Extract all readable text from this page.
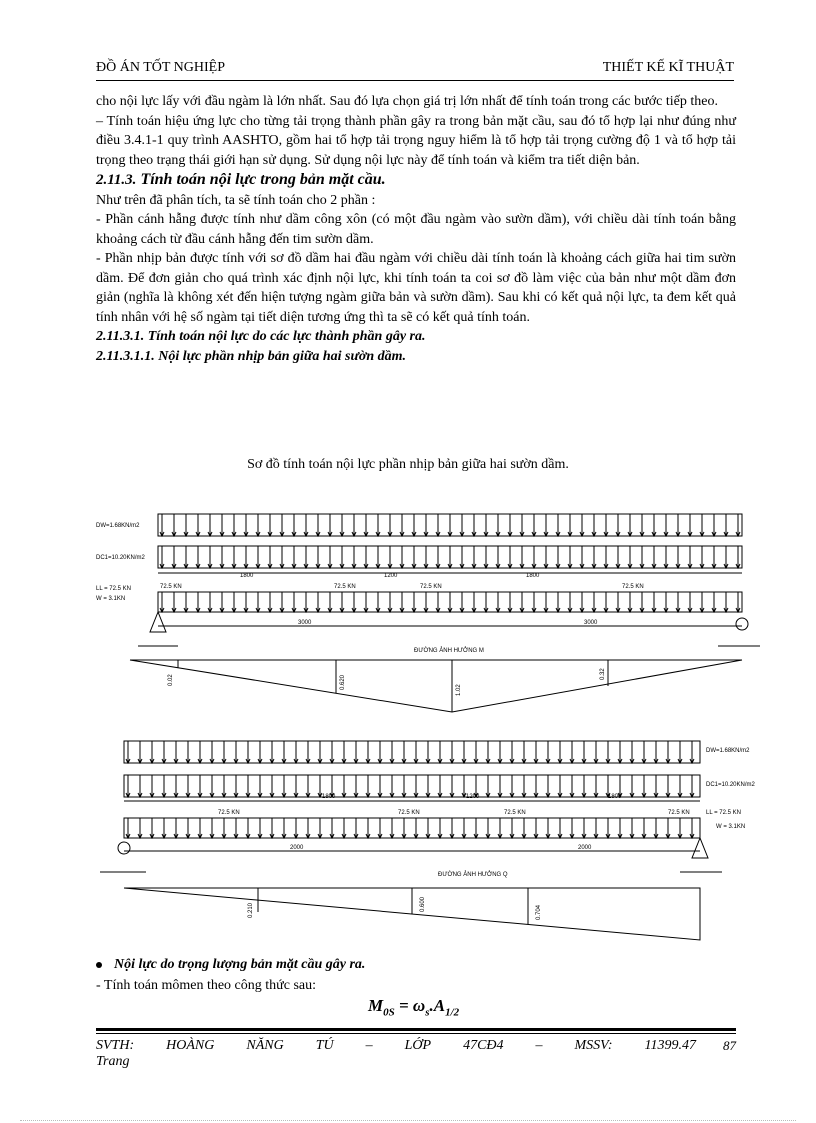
ĐỒ ÁN TỐT NGHIỆP	THIẾT KẾ KĨ THUẬT

cho nội lực lấy với đầu ngàm là lớn nhất. Sau đó lựa chọn giá trị lớn nhất để tính toán trong các bước tiếp theo.

– Tính toán hiệu ứng lực cho từng tải trọng thành phần gây ra trong bản mặt cầu, sau đó tổ hợp lại như đúng như điều 3.4.1-1 quy trình AASHTO, gồm hai tổ hợp tải trọng nguy hiểm là tổ hợp tải trọng cường độ 1 và tổ hợp tải trọng theo trạng thái giới hạn sử dụng. Sử dụng nội lực này để tính toán và kiểm tra tiết diện bản.

2.11.3. Tính toán nội lực trong bản mặt cầu.

Như trên đã phân tích, ta sẽ tính toán cho 2 phần :

- Phần cánh hẫng được tính như dầm công xôn (có một đầu ngàm vào sườn dầm), với chiều dài tính toán bằng khoảng cách từ đầu cánh hẫng đến tim sườn dầm.

- Phần nhịp bản được tính với sơ đồ dầm hai đầu ngàm với chiều dài tính toán là khoảng cách giữa hai tim sườn dầm. Để đơn giản cho quá trình xác định nội lực, khi tính toán ta coi sơ đồ làm việc của bản như một dầm đơn giản (nghĩa là không xét đến hiện tượng ngàm giữa bản và sườn dầm). Sau khi có kết quả nội lực, ta đem kết quả tính nhân với hệ số ngàm tại tiết diện tương ứng thì ta sẽ có kết quả tính toán.

2.11.3.1. Tính toán nội lực do các lực thành phần gây ra.
2.11.3.1.1. Nội lực phần nhịp bản giữa hai sườn dầm.
Sơ đồ tính toán nội lực phần nhịp bản giữa hai sườn dầm.
DW=1.68KN/m2
DC1=10.20KN/m2
LL = 72.5 KN
W = 3.1KN
72.5 KN	72.5 KN	72.5 KN	72.5 KN
1800	1200	1800
3000	3000
ĐƯỜNG ẢNH HƯỞNG M
0.02	0.620
1.02
0.32
DW=1.68KN/m2
DC1=10.20KN/m2
LL = 72.5 KN
W = 3.1KN
72.5 KN	72.5 KN	72.5 KN	72.5 KN
1800	1200	1800
2000	2000
ĐƯỜNG ẢNH HƯỞNG Q
0.210	0.600
0.704
Nội lực do trọng lượng bản mặt cầu gây ra.
- Tính toán mômen theo công thức sau:
$M_{0S} = \omega_s.A_{1/2}$
SVTH: HOÀNG NĂNG TÚ – LỚP 47CĐ4 – MSSV: 11399.47
Trang
87
